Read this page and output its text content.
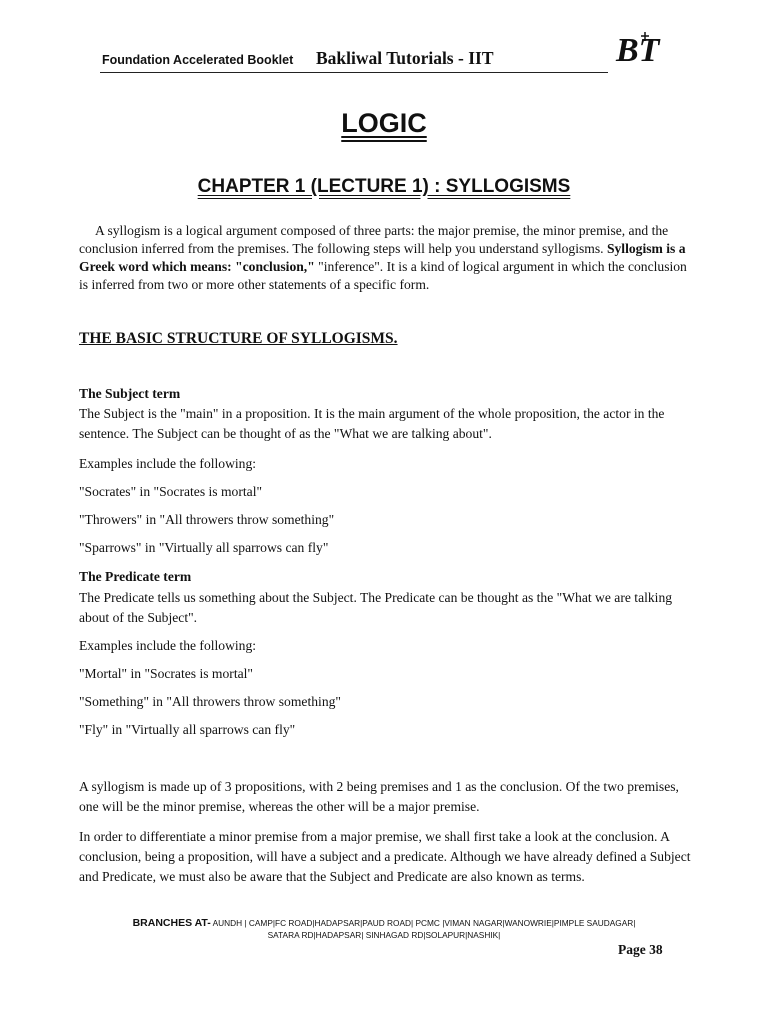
Foundation Accelerated Booklet Bakliwal Tutorials - IIT	BT
LOGIC
CHAPTER 1 (LECTURE 1) : SYLLOGISMS

A syllogism is a logical argument composed of three parts: the major premise, the minor premise, and the conclusion inferred from the premises. The following steps will help you understand syllogisms. Syllogism is a Greek word which means: "conclusion," "inference". It is a kind of logical argument in which the conclusion is inferred from two or more other statements of a specific form.

THE BASIC STRUCTURE OF SYLLOGISMS.
The Subject term
The Subject is the "main" in a proposition. It is the main argument of the whole proposition, the actor in the sentence. The Subject can be thought of as the "What we are talking about".
Examples include the following:
"Socrates" in "Socrates is mortal"
"Throwers" in "All throwers throw something"
"Sparrows" in "Virtually all sparrows can fly"
The Predicate term
The Predicate tells us something about the Subject. The Predicate can be thought as the "What we are talking about of the Subject".
Examples include the following:
"Mortal" in "Socrates is mortal"
"Something" in "All throwers throw something"
"Fly" in "Virtually all sparrows can fly"
A syllogism is made up of 3 propositions, with 2 being premises and 1 as the conclusion. Of the two premises, one will be the minor premise, whereas the other will be a major premise.
In order to differentiate a minor premise from a major premise, we shall first take a look at the conclusion. A conclusion, being a proposition, will have a subject and a predicate. Although we have already defined a Subject and Predicate, we must also be aware that the Subject and Predicate are also known as terms.
BRANCHES AT- AUNDH | CAMP|FC ROAD|HADAPSAR|PAUD ROAD| PCMC |VIMAN NAGAR|WANOWRIE|PIMPLE SAUDAGAR|
SATARA RD|HADAPSAR| SINHAGAD RD|SOLAPUR|NASHIK|
Page 38
